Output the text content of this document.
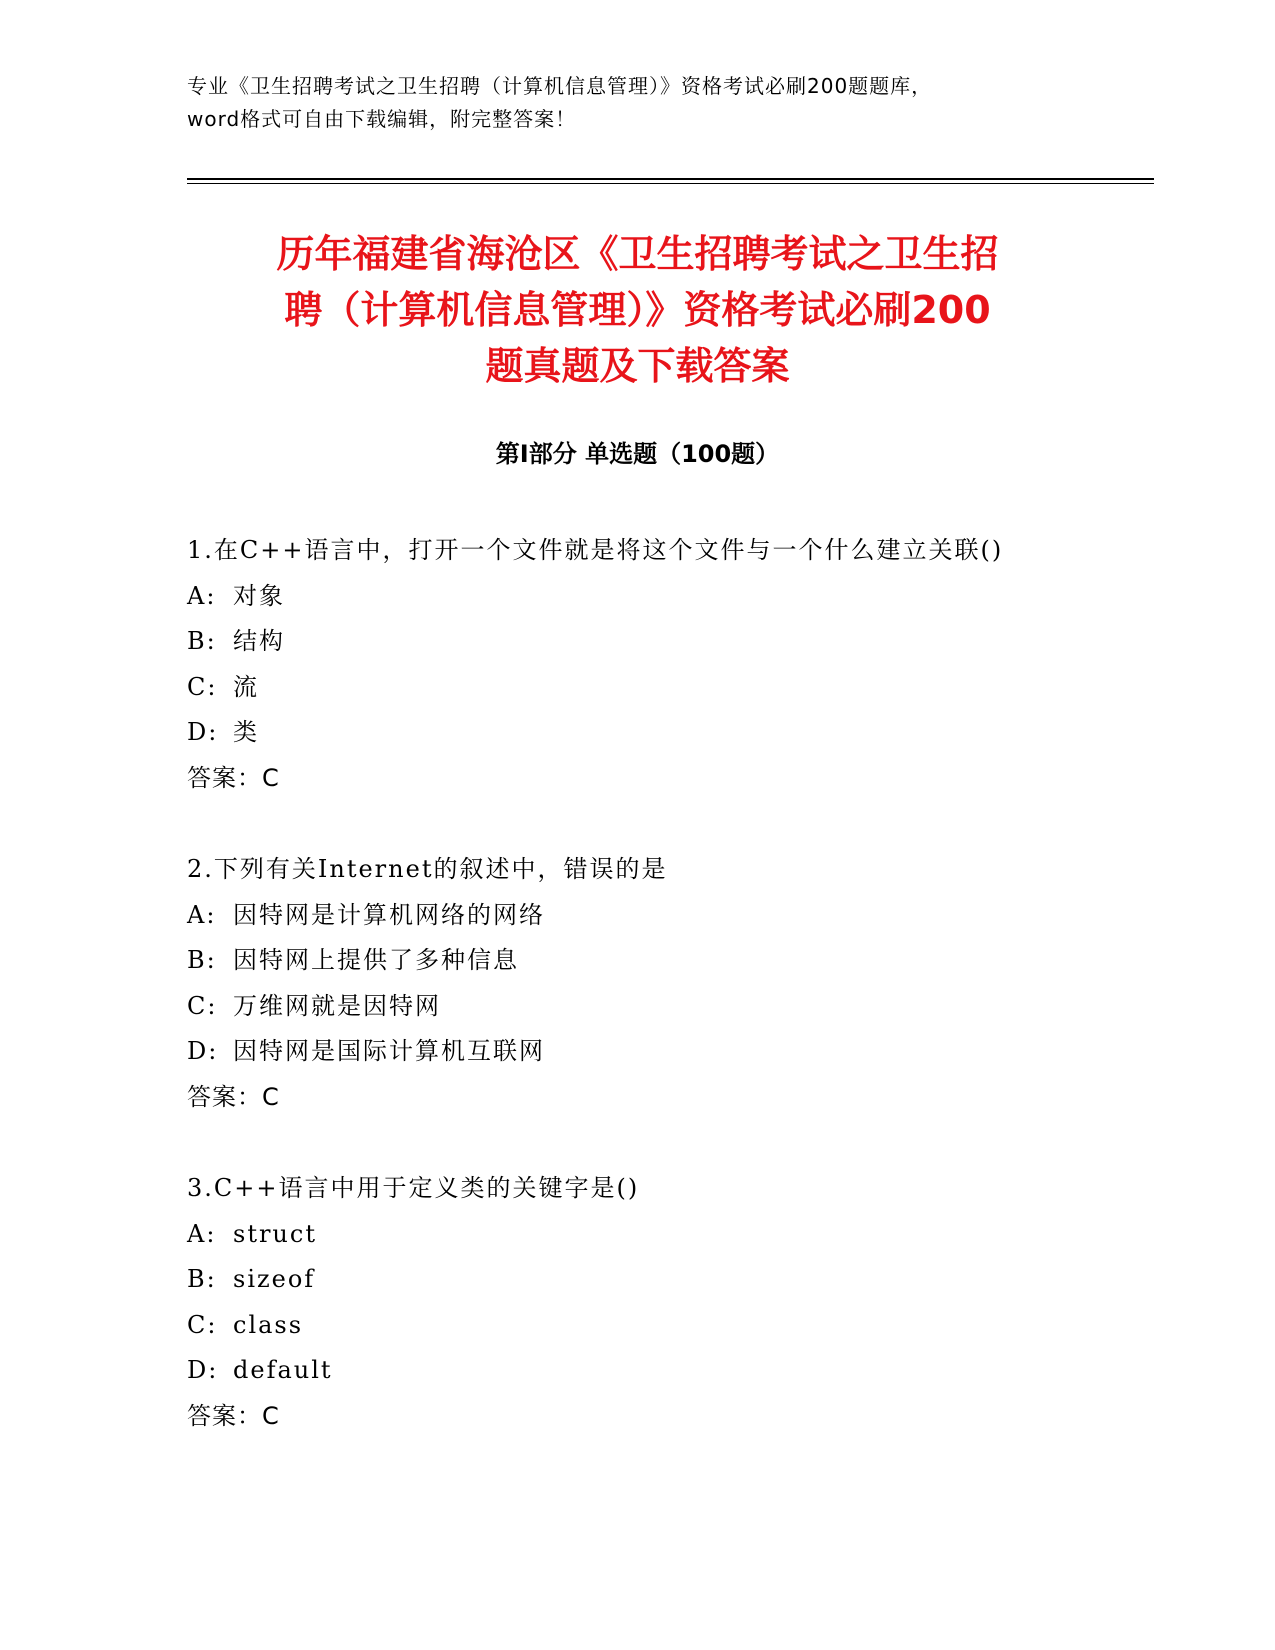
专业《卫生招聘考试之卫生招聘（计算机信息管理）》资格考试必刷200题题库，
word格式可自由下载编辑，附完整答案！
历年福建省海沧区《卫生招聘考试之卫生招
聘（计算机信息管理）》资格考试必刷200
题真题及下载答案
第Ⅰ部分 单选题（100题）
1.在C++语言中，打开一个文件就是将这个文件与一个什么建立关联()
A: 对象
B: 结构
C: 流
D: 类
答案：C
2.下列有关Internet的叙述中，错误的是
A: 因特网是计算机网络的网络
B: 因特网上提供了多种信息
C: 万维网就是因特网
D: 因特网是国际计算机互联网
答案：C
3.C++语言中用于定义类的关键字是()
A: struct
B: sizeof
C: class
D: default
答案：C
